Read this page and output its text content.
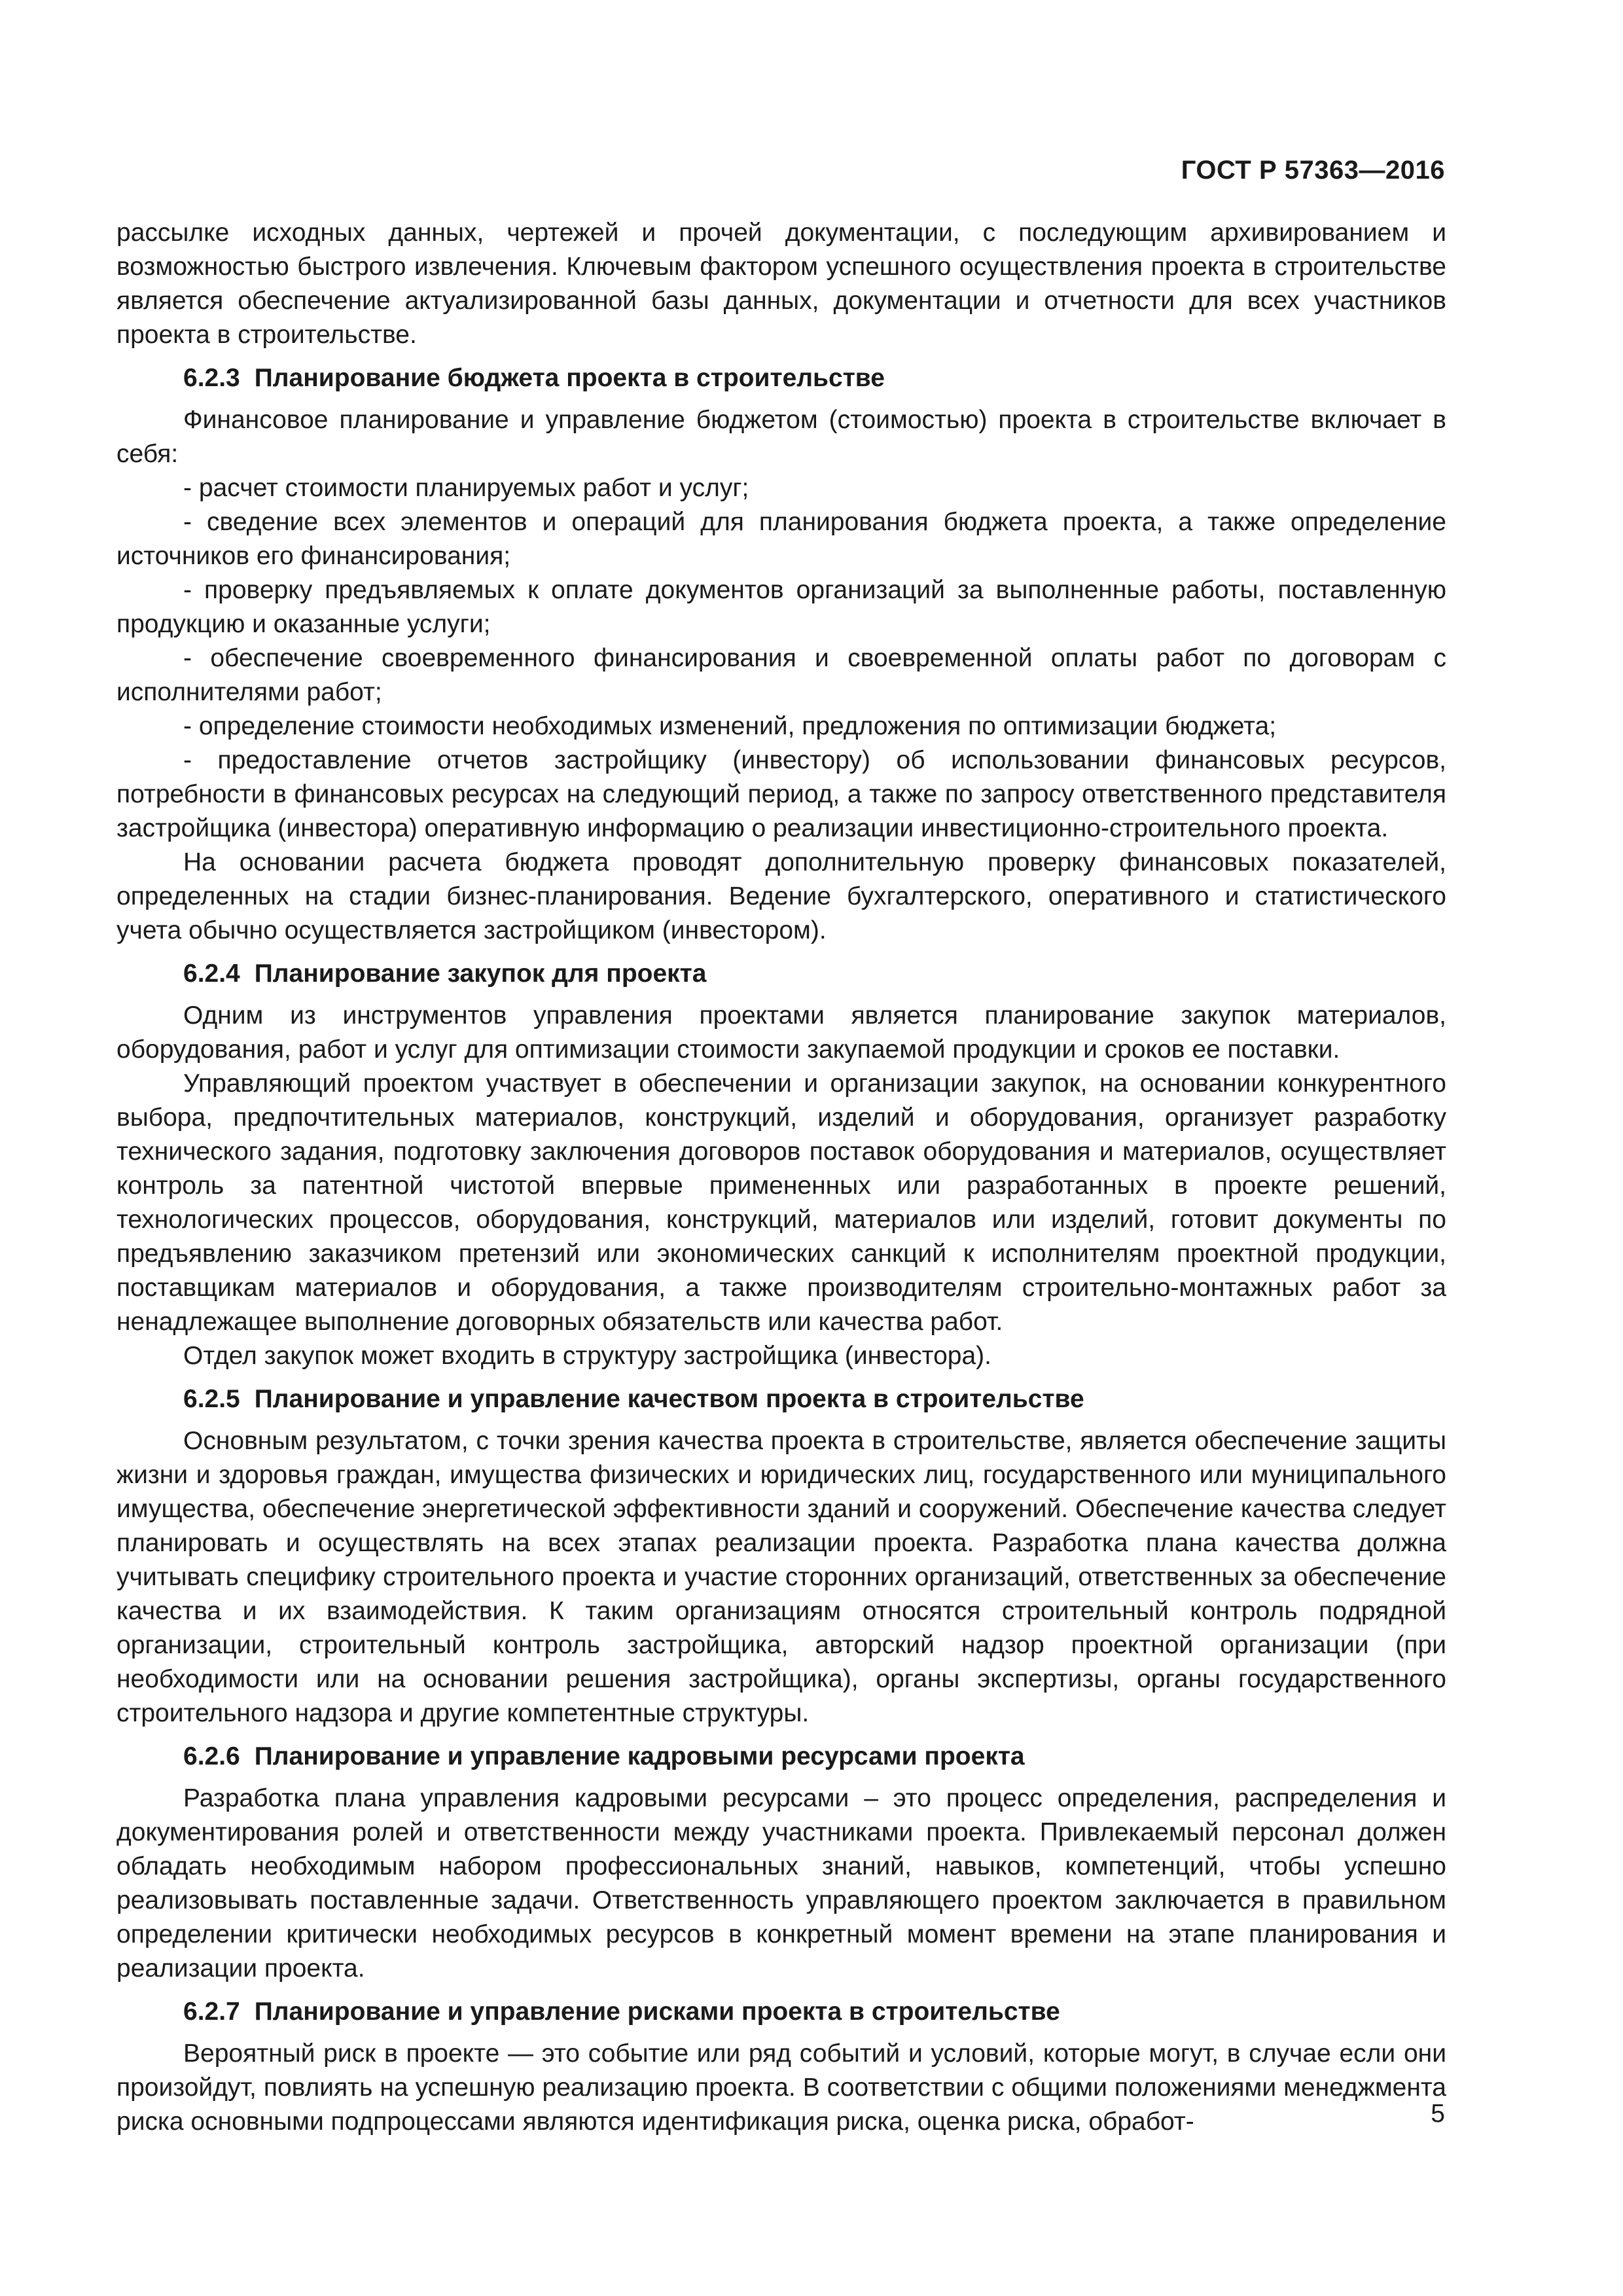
ГОСТ Р 57363—2016

рассылке исходных данных, чертежей и прочей документации, с последующим архивированием и возможностью быстрого извлечения. Ключевым фактором успешного осуществления проекта в строительстве является обеспечение актуализированной базы данных, документации и отчетности для всех участников проекта в строительстве.

6.2.3 Планирование бюджета проекта в строительстве

Финансовое планирование и управление бюджетом (стоимостью) проекта в строительстве включает в себя:

- расчет стоимости планируемых работ и услуг;

- сведение всех элементов и операций для планирования бюджета проекта, а также определение источников его финансирования;

- проверку предъявляемых к оплате документов организаций за выполненные работы, поставленную продукцию и оказанные услуги;

- обеспечение своевременного финансирования и своевременной оплаты работ по договорам с исполнителями работ;

- определение стоимости необходимых изменений, предложения по оптимизации бюджета;

- предоставление отчетов застройщику (инвестору) об использовании финансовых ресурсов, потребности в финансовых ресурсах на следующий период, а также по запросу ответственного представителя застройщика (инвестора) оперативную информацию о реализации инвестиционно-строительного проекта.

На основании расчета бюджета проводят дополнительную проверку финансовых показателей, определенных на стадии бизнес-планирования. Ведение бухгалтерского, оперативного и статистического учета обычно осуществляется застройщиком (инвестором).

6.2.4 Планирование закупок для проекта

Одним из инструментов управления проектами является планирование закупок материалов, оборудования, работ и услуг для оптимизации стоимости закупаемой продукции и сроков ее поставки.

Управляющий проектом участвует в обеспечении и организации закупок, на основании конкурентного выбора, предпочтительных материалов, конструкций, изделий и оборудования, организует разработку технического задания, подготовку заключения договоров поставок оборудования и материалов, осуществляет контроль за патентной чистотой впервые примененных или разработанных в проекте решений, технологических процессов, оборудования, конструкций, материалов или изделий, готовит документы по предъявлению заказчиком претензий или экономических санкций к исполнителям проектной продукции, поставщикам материалов и оборудования, а также производителям строительно-монтажных работ за ненадлежащее выполнение договорных обязательств или качества работ.

Отдел закупок может входить в структуру застройщика (инвестора).

6.2.5 Планирование и управление качеством проекта в строительстве

Основным результатом, с точки зрения качества проекта в строительстве, является обеспечение защиты жизни и здоровья граждан, имущества физических и юридических лиц, государственного или муниципального имущества, обеспечение энергетической эффективности зданий и сооружений. Обеспечение качества следует планировать и осуществлять на всех этапах реализации проекта. Разработка плана качества должна учитывать специфику строительного проекта и участие сторонних организаций, ответственных за обеспечение качества и их взаимодействия. К таким организациям относятся строительный контроль подрядной организации, строительный контроль застройщика, авторский надзор проектной организации (при необходимости или на основании решения застройщика), органы экспертизы, органы государственного строительного надзора и другие компетентные структуры.

6.2.6 Планирование и управление кадровыми ресурсами проекта

Разработка плана управления кадровыми ресурсами – это процесс определения, распределения и документирования ролей и ответственности между участниками проекта. Привлекаемый персонал должен обладать необходимым набором профессиональных знаний, навыков, компетенций, чтобы успешно реализовывать поставленные задачи. Ответственность управляющего проектом заключается в правильном определении критически необходимых ресурсов в конкретный момент времени на этапе планирования и реализации проекта.

6.2.7 Планирование и управление рисками проекта в строительстве

Вероятный риск в проекте — это событие или ряд событий и условий, которые могут, в случае если они произойдут, повлиять на успешную реализацию проекта. В соответствии с общими положениями менеджмента риска основными подпроцессами являются идентификация риска, оценка риска, обработ-	5
